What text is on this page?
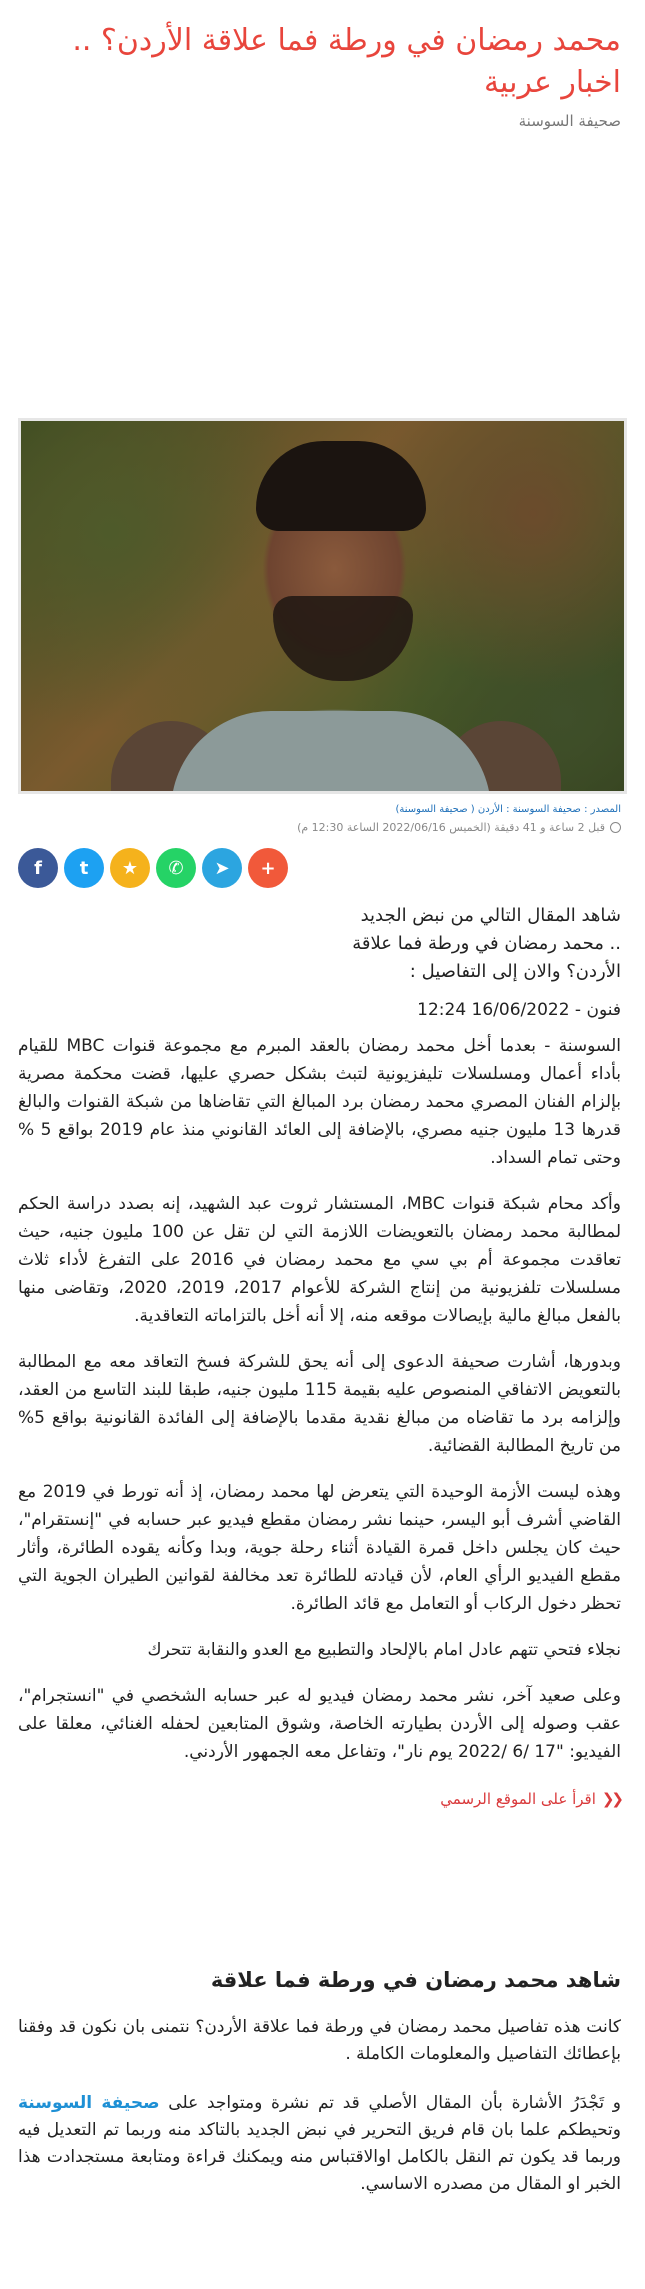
محمد رمضان في ورطة فما علاقة الأردن؟ .. اخبار عربية
صحيفة السوسنة
المصدر : صحيفة السوسنة : الأردن ( صحيفة السوسنة)
قبل 2 ساعة و 41 دقيقة (الخميس 2022/06/16 الساعة 12:30 م)
f t ★ ✆ ➤ +
شاهد المقال التالي من نبض الجديد
.. محمد رمضان في ورطة فما علاقة
الأردن؟ والان إلى التفاصيل :
فنون - 16/06/2022 12:24

السوسنة - بعدما أخل محمد رمضان بالعقد المبرم مع مجموعة قنوات MBC للقيام بأداء أعمال ومسلسلات تليفزيونية لتبث بشكل حصري عليها، قضت محكمة مصرية بإلزام الفنان المصري محمد رمضان برد المبالغ التي تقاضاها من شبكة القنوات والبالغ قدرها 13 مليون جنيه مصري، بالإضافة إلى العائد القانوني منذ عام 2019 بواقع 5 % وحتى تمام السداد.

وأكد محام شبكة قنوات MBC، المستشار ثروت عبد الشهيد، إنه بصدد دراسة الحكم لمطالبة محمد رمضان بالتعويضات اللازمة التي لن تقل عن 100 مليون جنيه، حيث تعاقدت مجموعة أم بي سي مع محمد رمضان في 2016 على التفرغ لأداء ثلاث مسلسلات تلفزيونية من إنتاج الشركة للأعوام 2017، 2019، 2020، وتقاضى منها بالفعل مبالغ مالية بإيصالات موقعه منه، إلا أنه أخل بالتزاماته التعاقدية.

وبدورها، أشارت صحيفة الدعوى إلى أنه يحق للشركة فسخ التعاقد معه مع المطالبة بالتعويض الاتفاقي المنصوص عليه بقيمة 115 مليون جنيه، طبقا للبند التاسع من العقد، وإلزامه برد ما تقاضاه من مبالغ نقدية مقدما بالإضافة إلى الفائدة القانونية بواقع 5% من تاريخ المطالبة القضائية.

وهذه ليست الأزمة الوحيدة التي يتعرض لها محمد رمضان، إذ أنه تورط في 2019 مع القاضي أشرف أبو اليسر، حينما نشر رمضان مقطع فيديو عبر حسابه في "إنستقرام"، حيث كان يجلس داخل قمرة القيادة أثناء رحلة جوية، وبدا وكأنه يقوده الطائرة، وأثار مقطع الفيديو الرأي العام، لأن قيادته للطائرة تعد مخالفة لقوانين الطيران الجوية التي تحظر دخول الركاب أو التعامل مع قائد الطائرة.

نجلاء فتحي تتهم عادل امام بالإلحاد والتطبيع مع العدو والنقابة تتحرك

وعلى صعيد آخر، نشر محمد رمضان فيديو له عبر حسابه الشخصي في "انستجرام"، عقب وصوله إلى الأردن بطيارته الخاصة، وشوق المتابعين لحفله الغنائي، معلقا على الفيديو: "17 /6 /2022 يوم نار"، وتفاعل معه الجمهور الأردني.

❮❮
اقرأ على الموقع الرسمي
شاهد محمد رمضان في ورطة فما علاقة

كانت هذه تفاصيل محمد رمضان في ورطة فما علاقة الأردن؟ نتمنى بان نكون قد وفقنا بإعطائك التفاصيل والمعلومات الكاملة .

و تَجْدَرُ الأشارة بأن المقال الأصلي قد تم نشرة ومتواجد على صحيفة السوسنة وتحيطكم علما بان قام فريق التحرير في نبض الجديد بالتاكد منه وربما تم التعديل فيه وربما قد يكون تم النقل بالكامل اوالاقتباس منه ويمكنك قراءة ومتابعة مستجدادت هذا الخبر او المقال من مصدره الاساسي.
